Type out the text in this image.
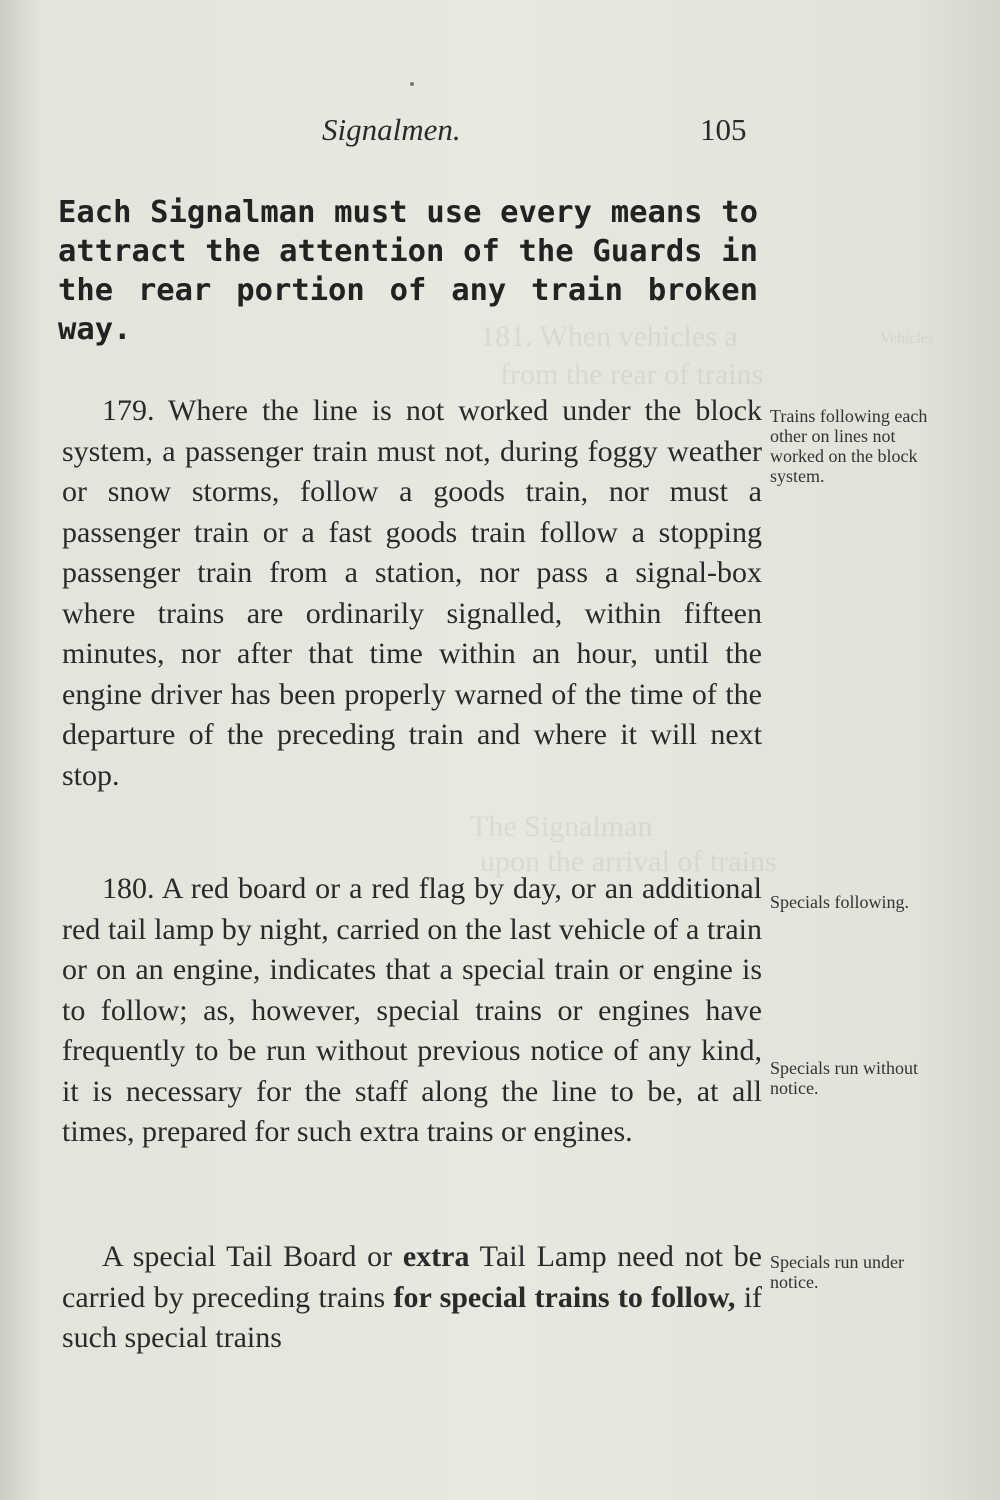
181. When vehicles a
from the rear of trains
Vehicles
The Signalman
upon the arrival of trains
Signalmen.	105
Each Signalman must use every means to attract the attention of the Guards in the rear portion of any train broken way.
179. Where the line is not worked under the block system, a passenger train must not, during foggy weather or snow storms, follow a goods train, nor must a passenger train or a fast goods train follow a stopping passenger train from a station, nor pass a signal-box where trains are ordinarily signalled, within fifteen minutes, nor after that time within an hour, until the engine driver has been properly warned of the time of the departure of the preceding train and where it will next stop.
180. A red board or a red flag by day, or an additional red tail lamp by night, carried on the last vehicle of a train or on an engine, indicates that a special train or engine is to follow; as, however, special trains or engines have frequently to be run without previous notice of any kind, it is necessary for the staff along the line to be, at all times, prepared for such extra trains or engines.
A special Tail Board or extra Tail Lamp need not be carried by preceding trains for special trains to follow, if such special trains
Trains following each other on lines not worked on the block system.
Specials following.
Specials run without notice.
Specials run under notice.
